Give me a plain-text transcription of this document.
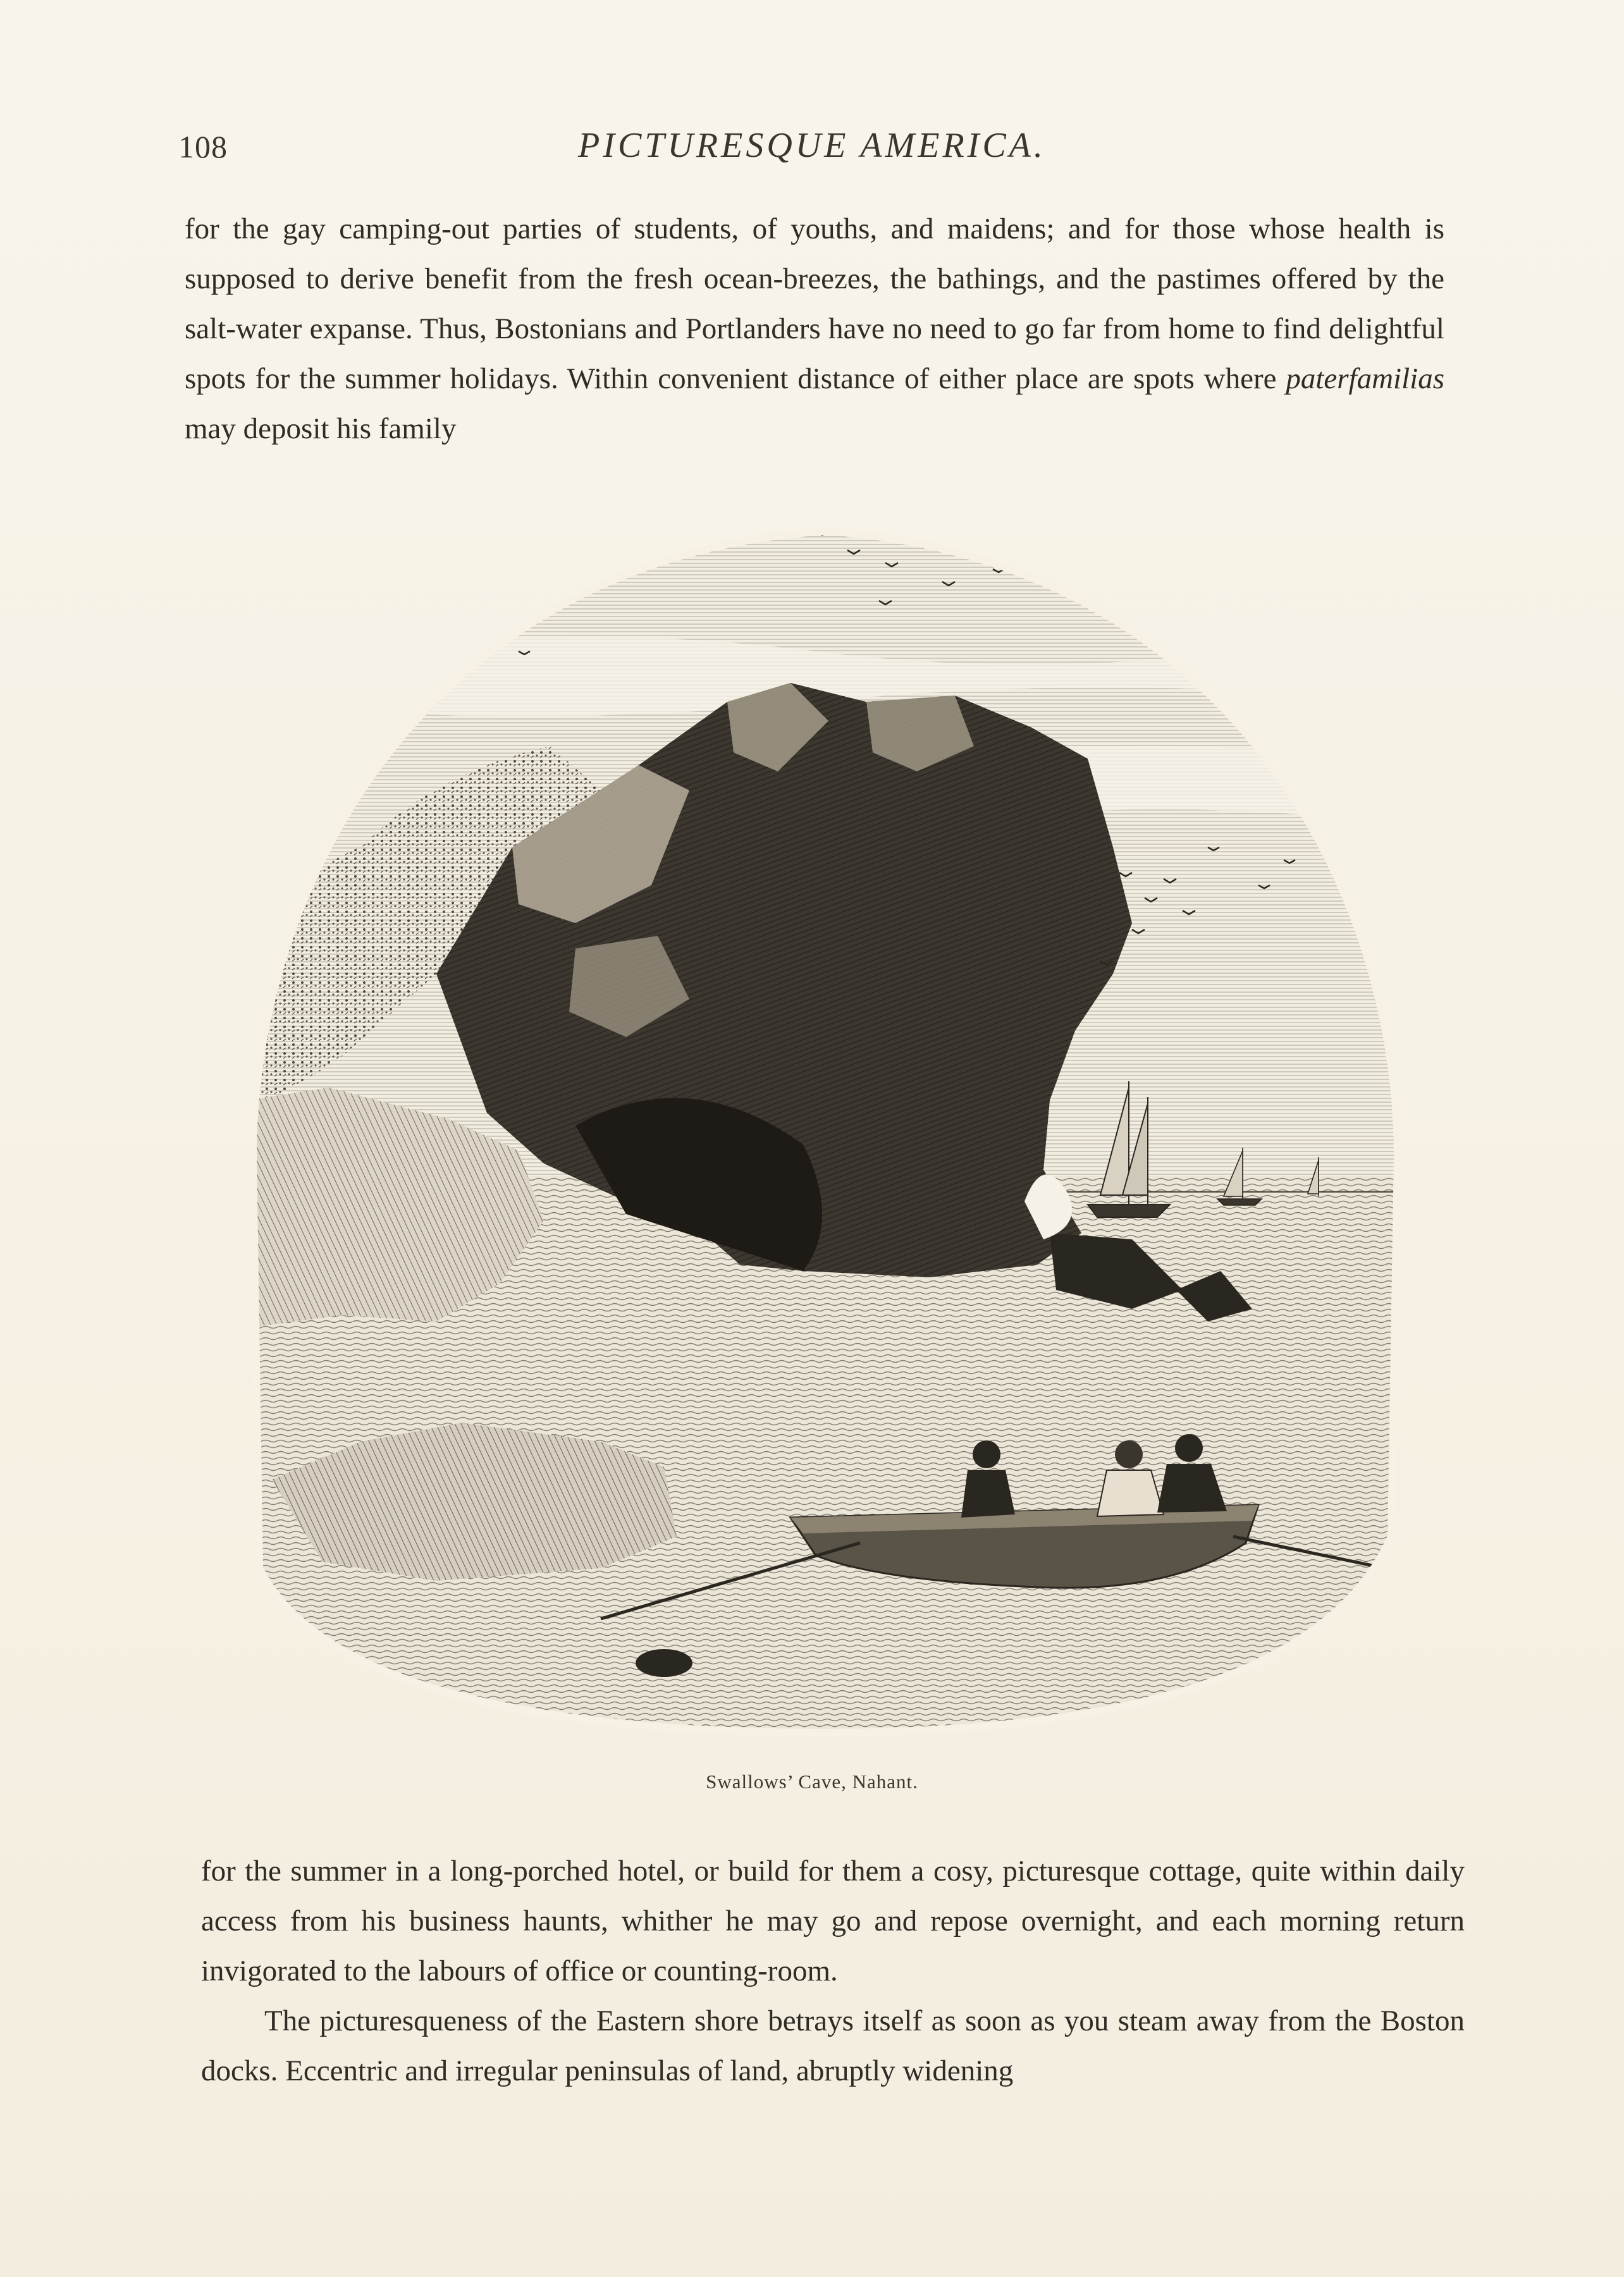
108	PICTURESQUE AMERICA.

for the gay camping-out parties of students, of youths, and maidens; and for those whose health is supposed to derive benefit from the fresh ocean-breezes, the bathings, and the pastimes offered by the salt-water expanse. Thus, Bostonians and Portlanders have no need to go far from home to find delightful spots for the summer holidays. Within convenient distance of either place are spots where paterfamilias may deposit his family

Swallows’ Cave, Nahant.

for the summer in a long-porched hotel, or build for them a cosy, picturesque cottage, quite within daily access from his business haunts, whither he may go and repose overnight, and each morning return invigorated to the labours of office or counting-room.

The picturesqueness of the Eastern shore betrays itself as soon as you steam away from the Boston docks. Eccentric and irregular peninsulas of land, abruptly widening
